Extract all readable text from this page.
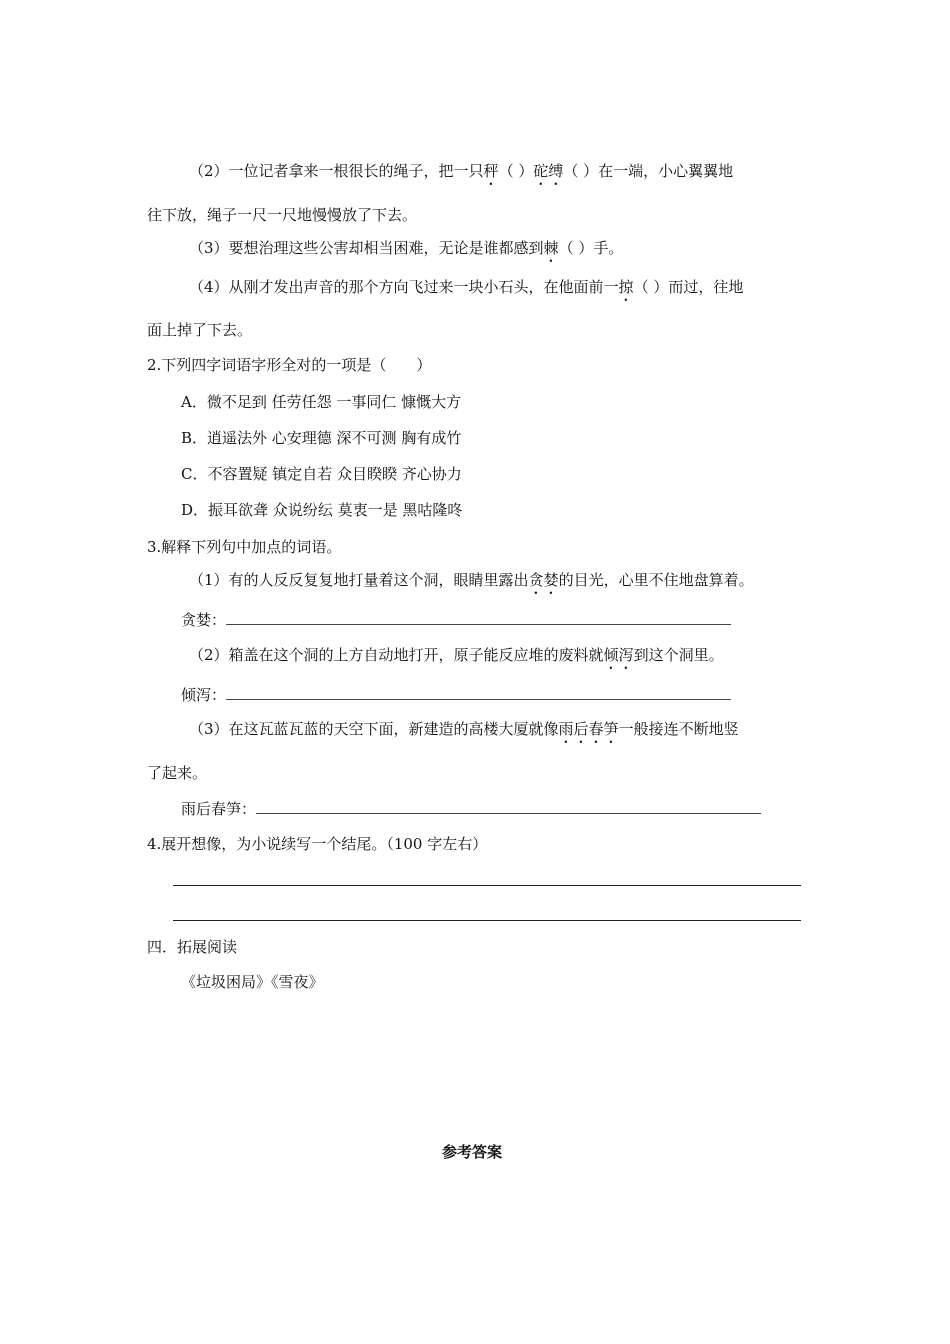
（2）一位记者拿来一根很长的绳子，把一只秤（ ）砣缚（ ）在一端，小心翼翼地
往下放，绳子一尺一尺地慢慢放了下去。
（3）要想治理这些公害却相当困难，无论是谁都感到棘（ ）手。
（4）从刚才发出声音的那个方向飞过来一块小石头，在他面前一掠（ ）而过，往地
面上掉了下去。
2.下列四字词语字形全对的一项是（　　）
A．微不足到 任劳任怨 一事同仁 慷慨大方
B．逍遥法外 心安理德 深不可测 胸有成竹
C．不容置疑 镇定自若 众目睽睽 齐心协力
D．振耳欲聋 众说纷纭 莫衷一是 黑咕隆咚
3.解释下列句中加点的词语。
（1）有的人反反复复地打量着这个洞，眼睛里露出贪婪的目光，心里不住地盘算着。
贪婪：
（2）箱盖在这个洞的上方自动地打开，原子能反应堆的废料就倾泻到这个洞里。
倾泻：
（3）在这瓦蓝瓦蓝的天空下面，新建造的高楼大厦就像雨后春笋一般接连不断地竖
了起来。
雨后春笋：
4.展开想像，为小说续写一个结尾。（100 字左右）
四．拓展阅读
《垃圾困局》《雪夜》
参考答案
